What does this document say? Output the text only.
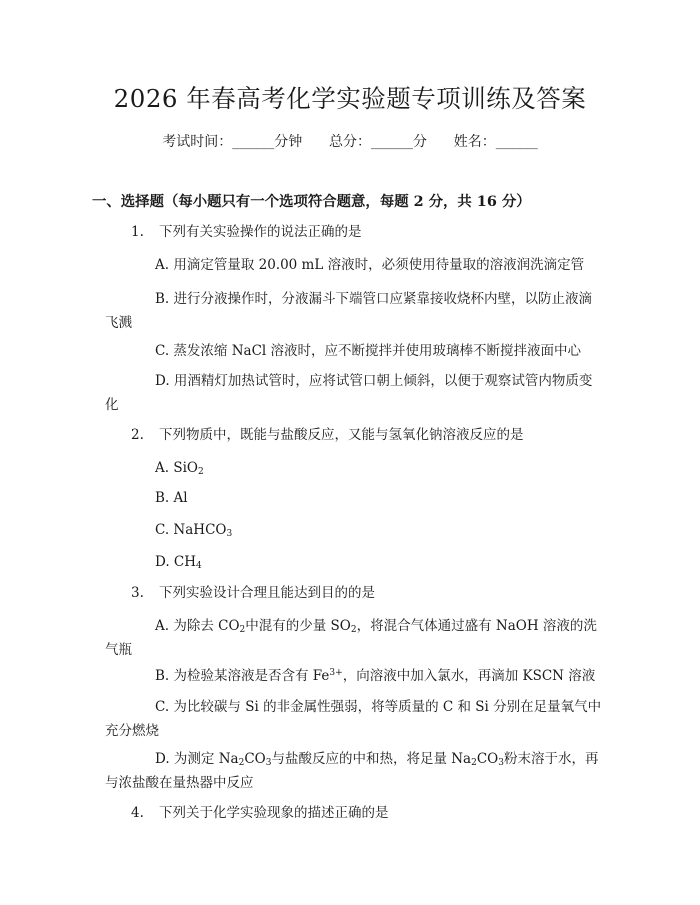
2026 年春高考化学实验题专项训练及答案
考试时间：______分钟      总分：______分      姓名：______
一、选择题（每小题只有一个选项符合题意，每题 2 分，共 16 分）
1. 下列有关实验操作的说法正确的是
A. 用滴定管量取 20.00 mL 溶液时，必须使用待量取的溶液润洗滴定管
B. 进行分液操作时，分液漏斗下端管口应紧靠接收烧杯内壁，以防止液滴飞溅
C. 蒸发浓缩 NaCl 溶液时，应不断搅拌并使用玻璃棒不断搅拌液面中心
D. 用酒精灯加热试管时，应将试管口朝上倾斜，以便于观察试管内物质变化
2. 下列物质中，既能与盐酸反应，又能与氢氧化钠溶液反应的是
A. SiO$_2$
B. Al
C. NaHCO$_3$
D. $CH_4$
3. 下列实验设计合理且能达到目的的是
A. 为除去 $CO_2$中混有的少量 $SO_2$，将混合气体通过盛有 NaOH 溶液的洗气瓶
B. 为检验某溶液是否含有 $Fe^{3+}$，向溶液中加入氯水，再滴加 KSCN 溶液
C. 为比较碳与 Si 的非金属性强弱，将等质量的 C 和 Si 分别在足量氧气中充分燃烧
D. 为测定 $Na_2CO_3$与盐酸反应的中和热，将足量 $Na_2CO_3$粉末溶于水，再与浓盐酸在量热器中反应
4. 下列关于化学实验现象的描述正确的是
